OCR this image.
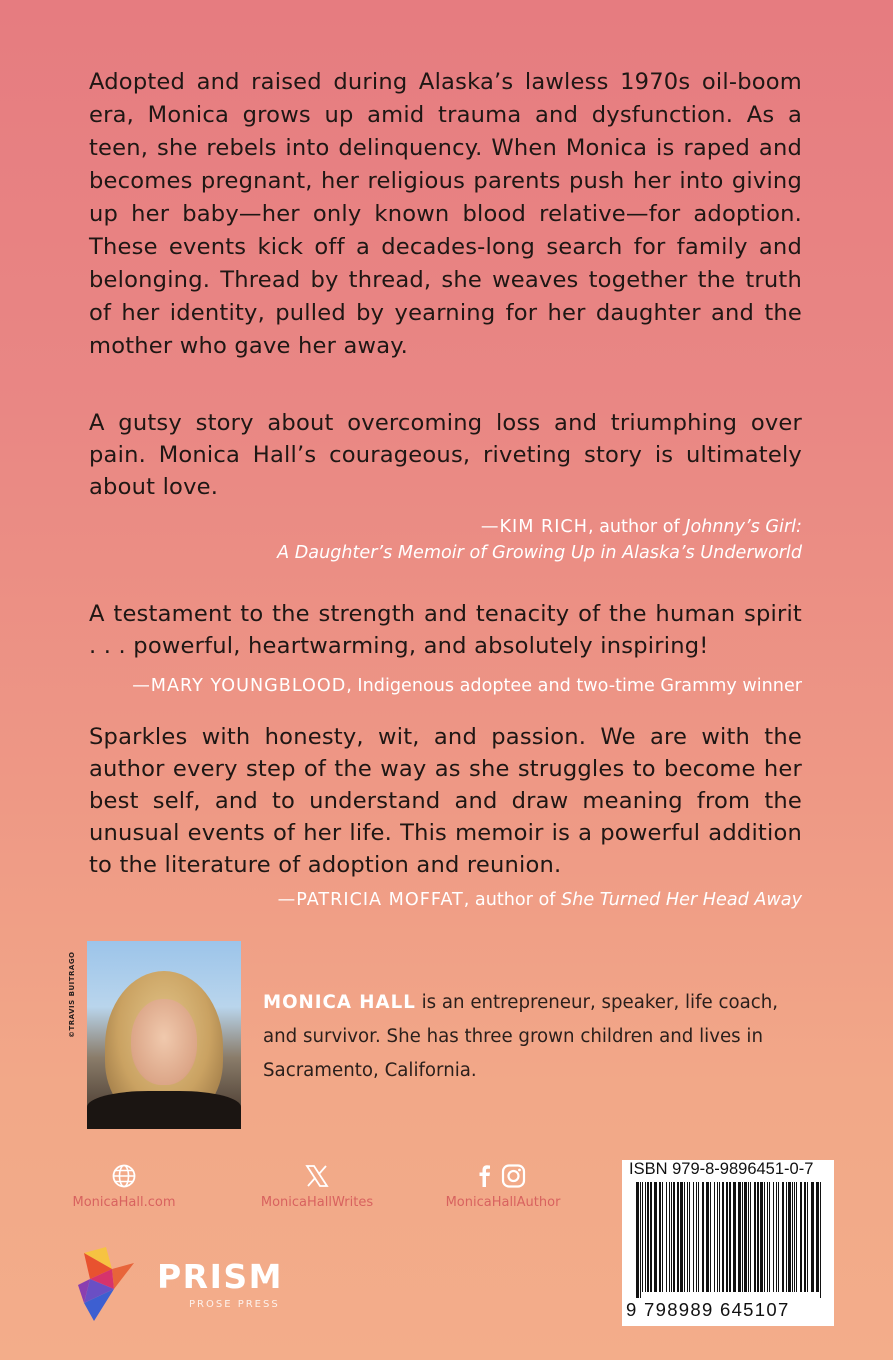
Adopted and raised during Alaska’s lawless 1970s oil-boom era, Monica grows up amid trauma and dysfunction. As a teen, she rebels into delinquency. When Monica is raped and becomes pregnant, her religious parents push her into giving up her baby—her only known blood relative—for adoption. These events kick off a decades-long search for family and belonging. Thread by thread, she weaves together the truth of her identity, pulled by yearning for her daughter and the mother who gave her away.

A gutsy story about overcoming loss and triumphing over pain. Monica Hall’s courageous, riveting story is ultimately about love.

—KIM RICH, author of Johnny’s Girl:
A Daughter’s Memoir of Growing Up in Alaska’s Underworld

A testament to the strength and tenacity of the human spirit . . . powerful, heartwarming, and absolutely inspiring!

—MARY YOUNGBLOOD, Indigenous adoptee and two-time Grammy winner

Sparkles with honesty, wit, and passion. We are with the author every step of the way as she struggles to become her best self, and to understand and draw meaning from the unusual events of her life. This memoir is a powerful addition to the literature of adoption and reunion.

—PATRICIA MOFFAT, author of She Turned Her Head Away

©TRAVIS BUITRAGO	MONICA HALL is an entrepreneur, speaker, life coach, and survivor. She has three grown children and lives in Sacramento, California.

MonicaHall.com	MonicaHallWrites	MonicaHallAuthor
ISBN 979-8-9896451-0-7
9 798989 645107
PRISM
PROSE PRESS
